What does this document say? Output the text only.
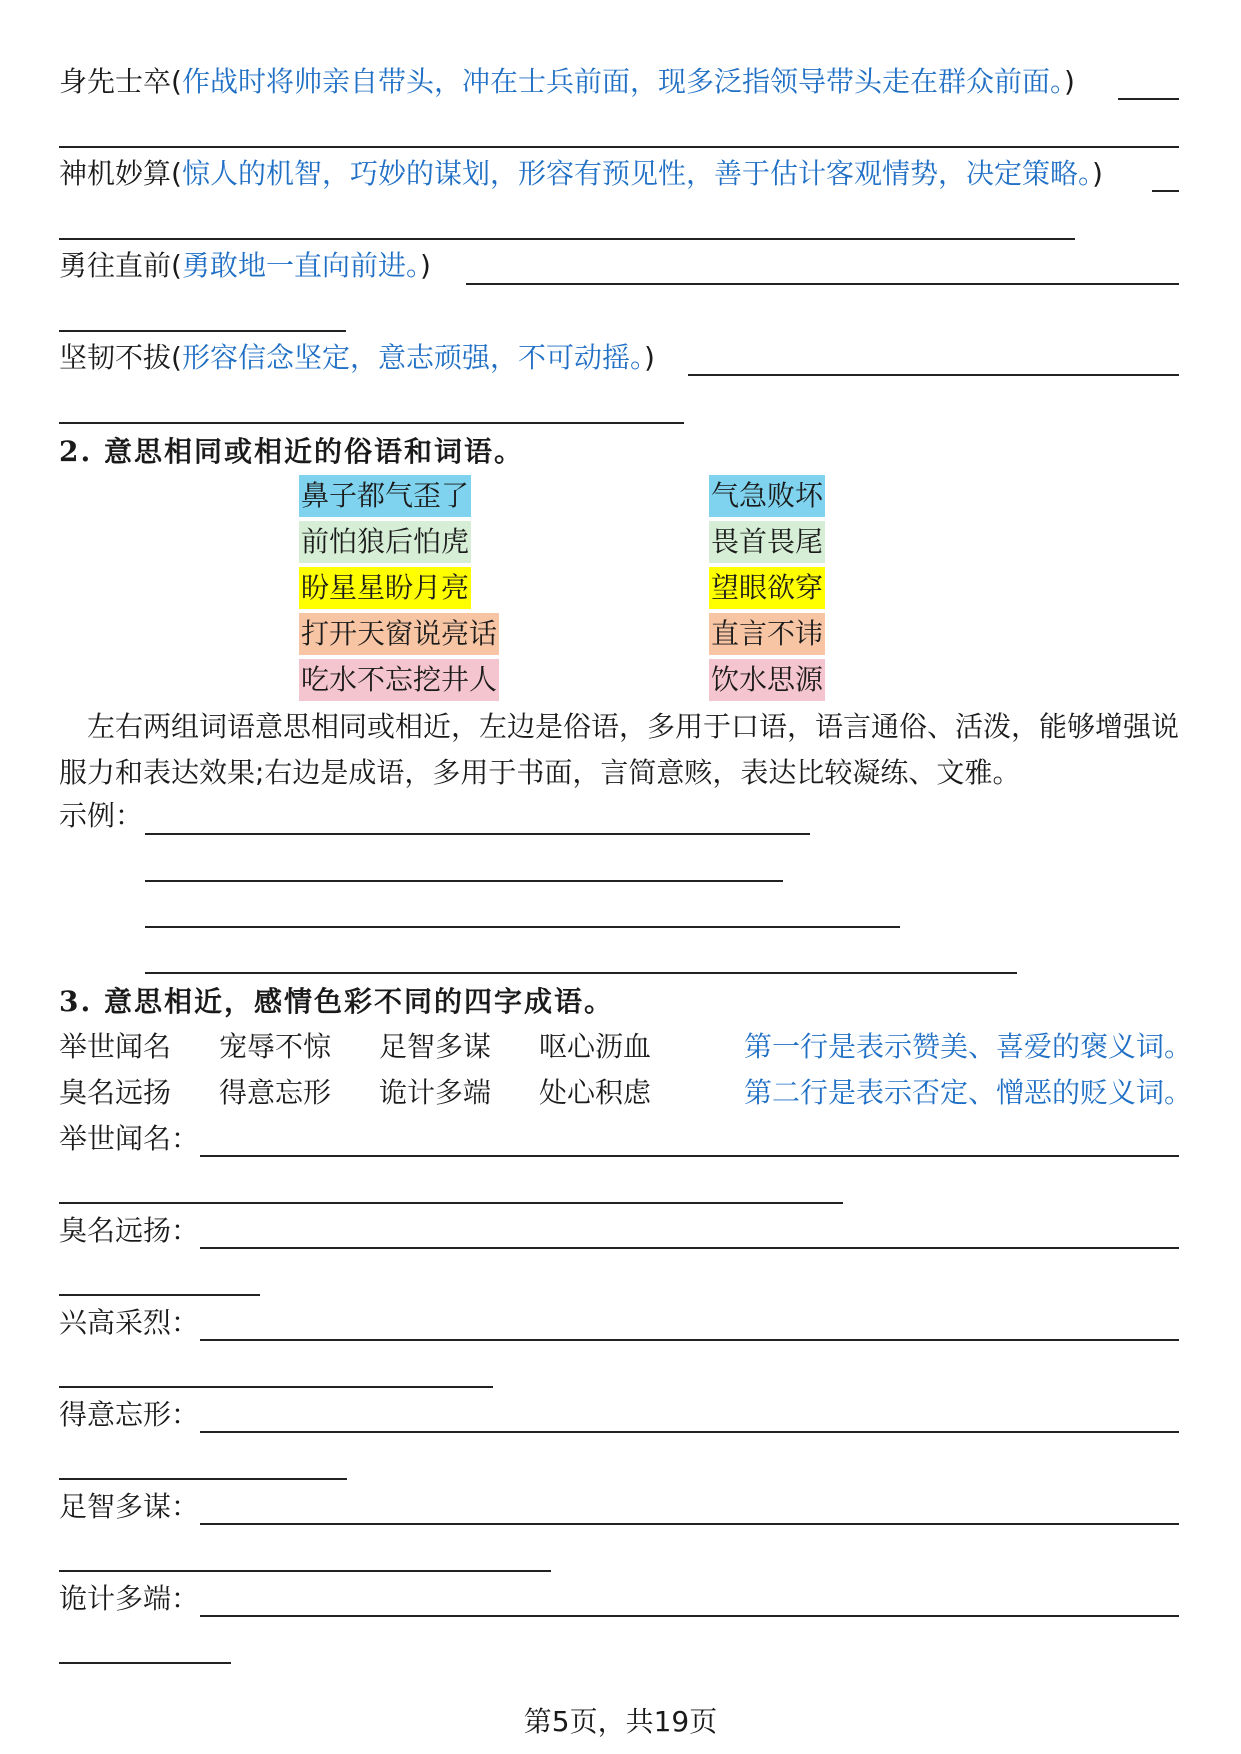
身先士卒(作战时将帅亲自带头，冲在士兵前面，现多泛指领导带头走在群众前面。)
神机妙算(惊人的机智，巧妙的谋划，形容有预见性，善于估计客观情势，决定策略。)
勇往直前(勇敢地一直向前进。)
坚韧不拔(形容信念坚定，意志顽强，不可动摇。)
2. 意思相同或相近的俗语和词语。
鼻子都气歪了	气急败坏
前怕狼后怕虎	畏首畏尾
盼星星盼月亮	望眼欲穿
打开天窗说亮话	直言不讳
吃水不忘挖井人	饮水思源
左右两组词语意思相同或相近，左边是俗语，多用于口语，语言通俗、活泼，能够增强说服力和表达效果;右边是成语，多用于书面，言简意赅，表达比较凝练、文雅。
示例：
3. 意思相近，感情色彩不同的四字成语。
举世闻名 宠辱不惊 足智多谋 呕心沥血	第一行是表示赞美、喜爱的褒义词。
臭名远扬 得意忘形 诡计多端 处心积虑	第二行是表示否定、憎恶的贬义词。
举世闻名：
臭名远扬：
兴高采烈：
得意忘形：
足智多谋：
诡计多端：
第5页，共19页
